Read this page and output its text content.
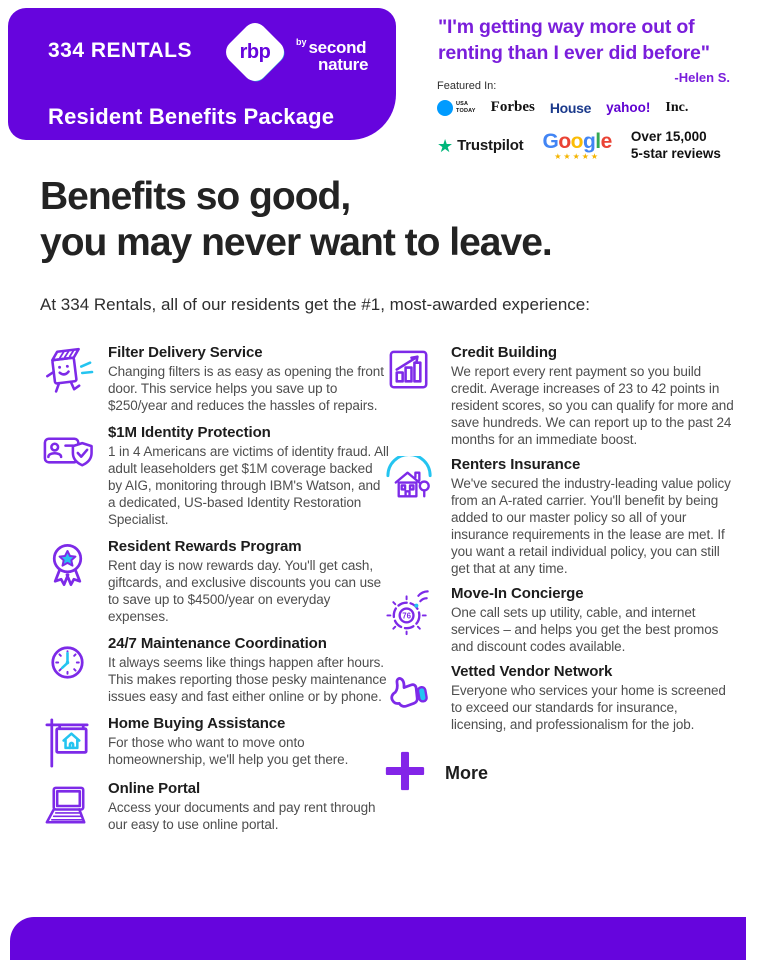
334 RENTALS	rbp	$^{by}$ second
nature
Resident Benefits Package
"I'm getting way more out of
renting than I ever did before"
-Helen S.
Featured In:
USA
TODAY Forbes House yahoo! Inc.
★ Trustpilot Google
★★★★★
Over 15,000
5-star reviews
Benefits so good,
you may never want to leave.
At 334 Rentals, all of our residents get the #1, most-awarded experience:
Filter Delivery Service
Changing filters is as easy as opening the front door. This service helps you save up to $250/year and reduces the hassles of repairs.
$1M Identity Protection
1 in 4 Americans are victims of identity fraud. All adult leaseholders get $1M coverage backed by AIG, monitoring through IBM's Watson, and a dedicated, US-based Identity Restoration Specialist.
Resident Rewards Program
Rent day is now rewards day. You'll get cash, giftcards, and exclusive discounts you can use to save up to $4500/year on everyday expenses.
24/7 Maintenance Coordination
It always seems like things happen after hours. This makes reporting those pesky maintenance issues easy and fast either online or by phone.
Home Buying Assistance
For those who want to move onto homeownership, we'll help you get there.
Online Portal
Access your documents and pay rent through our easy to use online portal.
Credit Building
We report every rent payment so you build credit. Average increases of 23 to 42 points in resident scores, so you can qualify for more and save hundreds. We can report up to the past 24 months for an immediate boost.
Renters Insurance
We've secured the industry-leading value policy from an A-rated carrier. You'll benefit by being added to our master policy so all of your insurance requirements in the lease are met. If you want a retail individual policy, you can still get that at any time.
76
Move-In Concierge
One call sets up utility, cable, and internet services – and helps you get the best promos and discount codes available.
Vetted Vendor Network
Everyone who services your home is screened to exceed our standards for insurance, licensing, and professionalism for the job.
More
